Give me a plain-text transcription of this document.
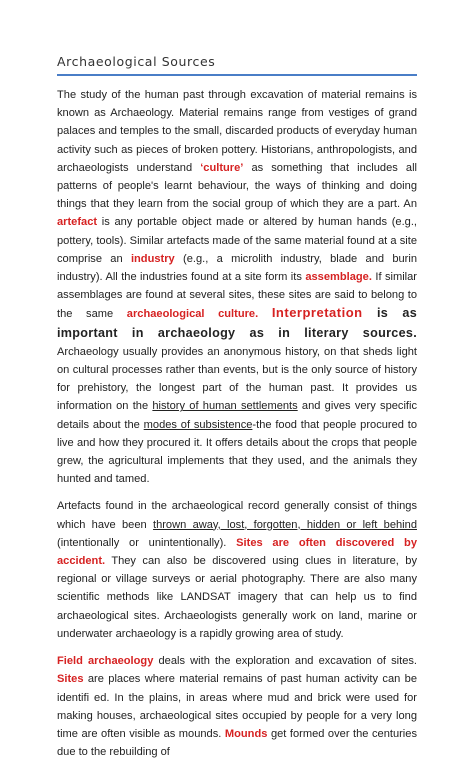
Archaeological Sources

The study of the human past through excavation of material remains is known as Archaeology. Material remains range from vestiges of grand palaces and temples to the small, discarded products of everyday human activity such as pieces of broken pottery. Historians, anthropologists, and archaeologists understand ‘culture’ as something that includes all patterns of people's learnt behaviour, the ways of thinking and doing things that they learn from the social group of which they are a part. An artefact is any portable object made or altered by human hands (e.g., pottery, tools). Similar artefacts made of the same material found at a site comprise an industry (e.g., a microlith industry, blade and burin industry). All the industries found at a site form its assemblage. If similar assemblages are found at several sites, these sites are said to belong to the same archaeological culture. Interpretation is as important in archaeology as in literary sources. Archaeology usually provides an anonymous history, on that sheds light on cultural processes rather than events, but is the only source of history for prehistory, the longest part of the human past. It provides us information on the history of human settlements and gives very specific details about the modes of subsistence-the food that people procured to live and how they procured it. It offers details about the crops that people grew, the agricultural implements that they used, and the animals they hunted and tamed.

Artefacts found in the archaeological record generally consist of things which have been thrown away, lost, forgotten, hidden or left behind (intentionally or unintentionally). Sites are often discovered by accident. They can also be discovered using clues in literature, by regional or village surveys or aerial photography. There are also many scientific methods like LANDSAT imagery that can help us to find archaeological sites. Archaeologists generally work on land, marine or underwater archaeology is a rapidly growing area of study.

Field archaeology deals with the exploration and excavation of sites. Sites are places where material remains of past human activity can be identifi ed. In the plains, in areas where mud and brick were used for making houses, archaeological sites occupied by people for a very long time are often visible as mounds. Mounds get formed over the centuries due to the rebuilding of
